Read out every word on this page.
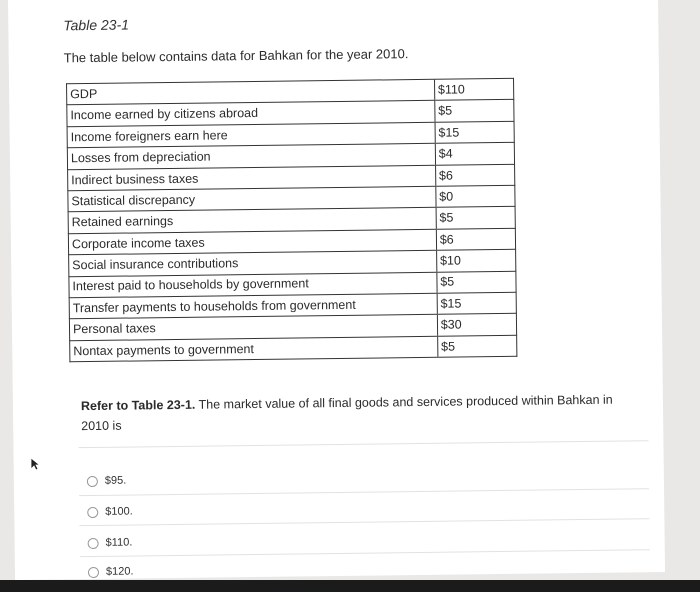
Table 23-1
The table below contains data for Bahkan for the year 2010.
GDP	$110
Income earned by citizens abroad	$5
Income foreigners earn here	$15
Losses from depreciation	$4
Indirect business taxes	$6
Statistical discrepancy	$0
Retained earnings	$5
Corporate income taxes	$6
Social insurance contributions	$10
Interest paid to households by government	$5
Transfer payments to households from government	$15
Personal taxes	$30
Nontax payments to government	$5
Refer to Table 23-1. The market value of all final goods and services produced within Bahkan in 2010 is
$95.
$100.
$110.
$120.
